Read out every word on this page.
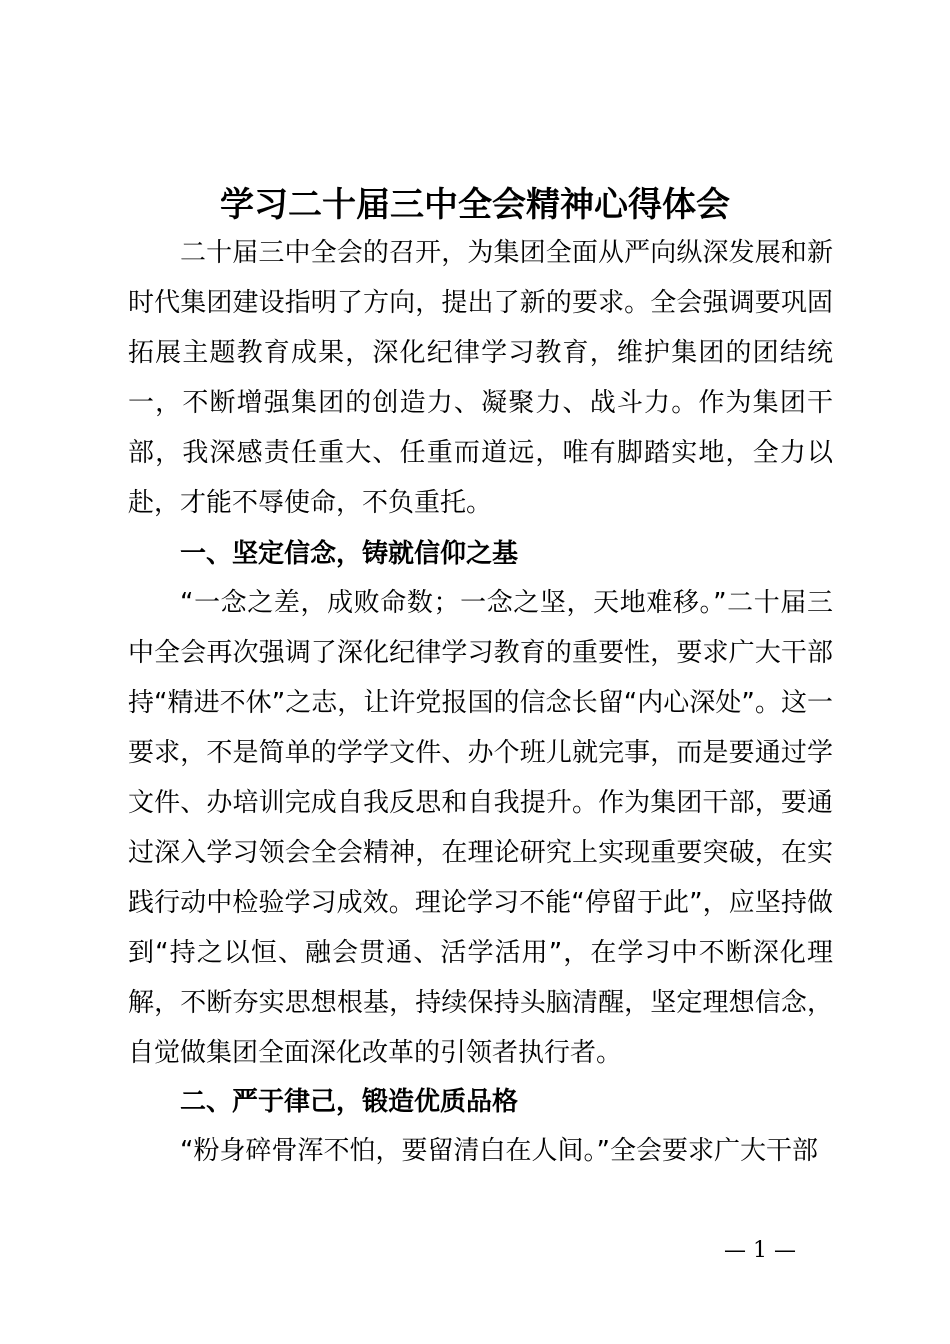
学习二十届三中全会精神心得体会

二十届三中全会的召开，为集团全面从严向纵深发展和新时代集团建设指明了方向，提出了新的要求。全会强调要巩固拓展主题教育成果，深化纪律学习教育，维护集团的团结统一，不断增强集团的创造力、凝聚力、战斗力。作为集团干部，我深感责任重大、任重而道远，唯有脚踏实地，全力以赴，才能不辱使命，不负重托。

一、坚定信念，铸就信仰之基

“一念之差，成败命数；一念之坚，天地难移。”二十届三中全会再次强调了深化纪律学习教育的重要性，要求广大干部持“精进不休”之志，让许党报国的信念长留“内心深处”。这一要求，不是简单的学学文件、办个班儿就完事，而是要通过学文件、办培训完成自我反思和自我提升。作为集团干部，要通过深入学习领会全会精神，在理论研究上实现重要突破，在实践行动中检验学习成效。理论学习不能“停留于此”，应坚持做到“持之以恒、融会贯通、活学活用”，在学习中不断深化理解，不断夯实思想根基，持续保持头脑清醒，坚定理想信念，自觉做集团全面深化改革的引领者执行者。

二、严于律己，锻造优质品格

“粉身碎骨浑不怕，要留清白在人间。”全会要求广大干部

— 1 —
